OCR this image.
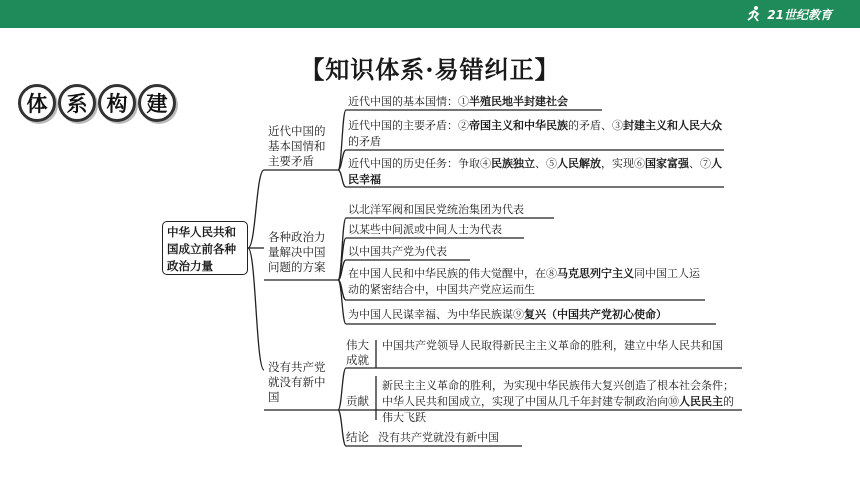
21世纪教育
【知识体系·易错纠正】
体 系 构 建
中华人民共和国成立前各种政治力量
近代中国的基本国情和主要矛盾
各种政治力量解决中国问题的方案
没有共产党就没有新中国
近代中国的基本国情：①半殖民地半封建社会
近代中国的主要矛盾：②帝国主义和中华民族的矛盾、③封建主义和人民大众的矛盾
近代中国的历史任务：争取④民族独立、⑤人民解放，实现⑥国家富强、⑦人民幸福
以北洋军阀和国民党统治集团为代表
以某些中间派或中间人士为代表
以中国共产党为代表
在中国人民和中华民族的伟大觉醒中，在⑧马克思列宁主义同中国工人运动的紧密结合中，中国共产党应运而生
为中国人民谋幸福、为中华民族谋⑨复兴（中国共产党初心使命）
伟大成就
贡献
结论
中国共产党领导人民取得新民主主义革命的胜利，建立中华人民共和国
新民主主义革命的胜利，为实现中华民族伟大复兴创造了根本社会条件；中华人民共和国成立，实现了中国从几千年封建专制政治向⑩人民民主的伟大飞跃
没有共产党就没有新中国
